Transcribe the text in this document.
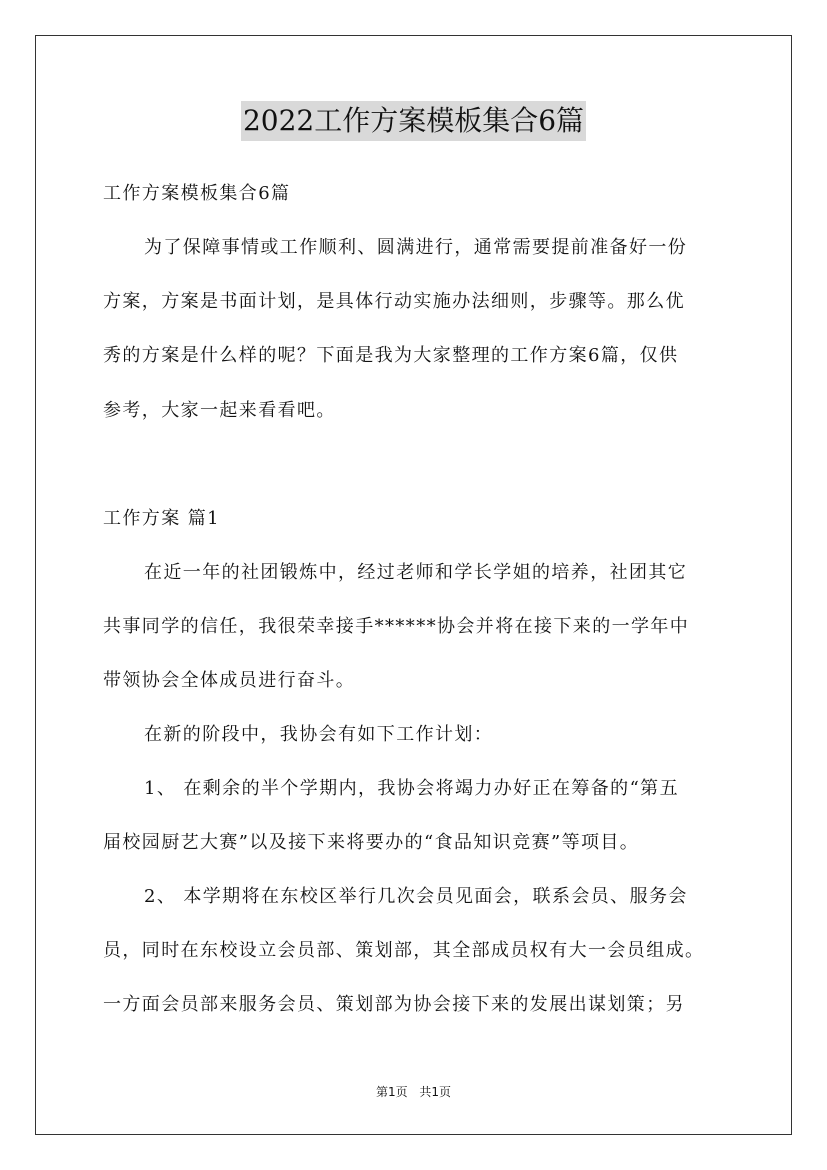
2022工作方案模板集合6篇
工作方案模板集合6篇
为了保障事情或工作顺利、圆满进行，通常需要提前准备好一份
方案，方案是书面计划，是具体行动实施办法细则，步骤等。那么优
秀的方案是什么样的呢？下面是我为大家整理的工作方案6篇，仅供
参考，大家一起来看看吧。
工作方案 篇1
在近一年的社团锻炼中，经过老师和学长学姐的培养，社团其它
共事同学的信任，我很荣幸接手******协会并将在接下来的一学年中
带领协会全体成员进行奋斗。
在新的阶段中，我协会有如下工作计划：
1、 在剩余的半个学期内，我协会将竭力办好正在筹备的“第五
届校园厨艺大赛”以及接下来将要办的“食品知识竞赛”等项目。
2、 本学期将在东校区举行几次会员见面会，联系会员、服务会
员，同时在东校设立会员部、策划部，其全部成员权有大一会员组成。
一方面会员部来服务会员、策划部为协会接下来的发展出谋划策；另
第1页 共1页
